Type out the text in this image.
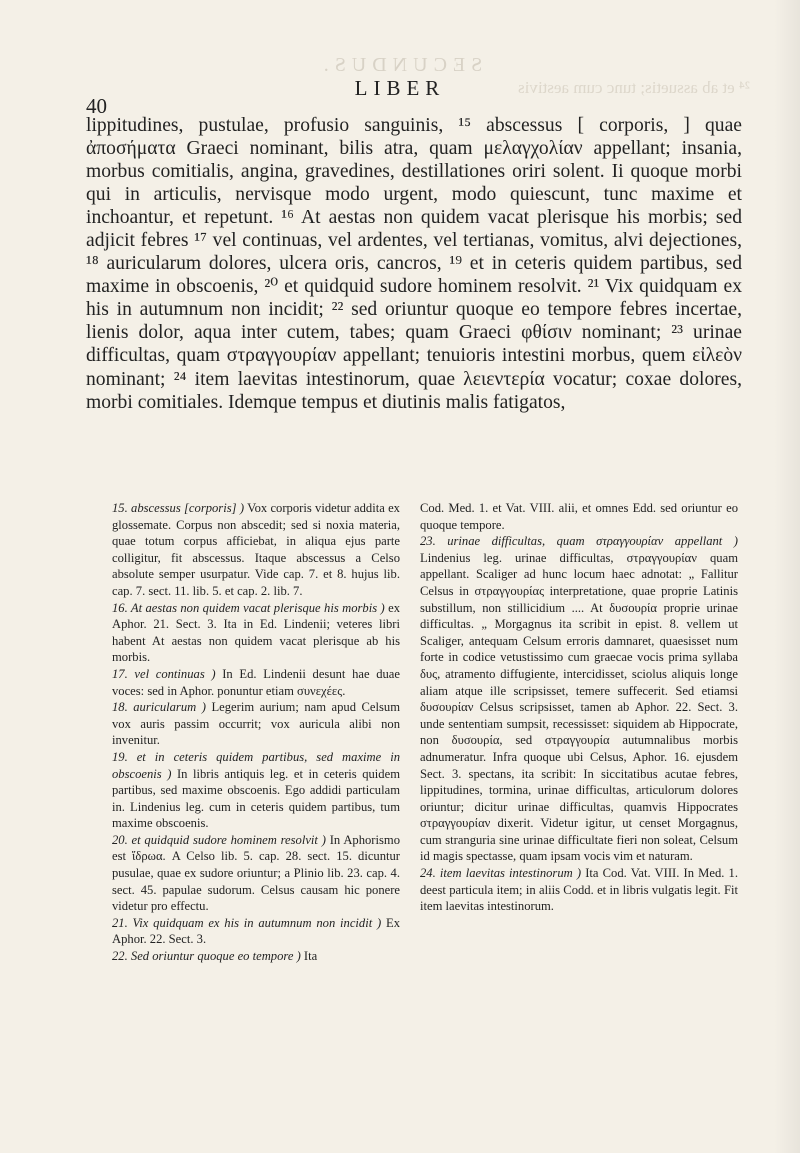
SECUNDUS.
²⁴ et ab assuetis; tunc cum aestivis
LIBER
40

lippitudines, pustulae, profusio sanguinis, ¹⁵ abscessus [ corporis, ] quae ἀποσήματα Graeci nominant, bilis atra, quam μελαγχολίαν appellant; insania, morbus comitialis, angina, gravedines, destillationes oriri solent. Ii quoque morbi qui in articulis, nervisque modo urgent, modo quiescunt, tunc maxime et inchoantur, et repetunt. ¹⁶ At aestas non quidem vacat plerisque his morbis; sed adjicit febres ¹⁷ vel continuas, vel ardentes, vel tertianas, vomitus, alvi dejectiones, ¹⁸ auricularum dolores, ulcera oris, cancros, ¹⁹ et in ceteris quidem partibus, sed maxime in obscoenis, ²⁰ et quidquid sudore hominem resolvit. ²¹ Vix quidquam ex his in autumnum non incidit; ²² sed oriuntur quoque eo tempore febres incertae, lienis dolor, aqua inter cutem, tabes; quam Graeci φθίσιν nominant; ²³ urinae difficultas, quam στραγγουρίαν appellant; tenuioris intestini morbus, quem εἰλεὸν nominant; ²⁴ item laevitas intestinorum, quae λειεντερία vocatur; coxae dolores, morbi comitiales. Idemque tempus et diutinis malis fatigatos,

15. abscessus [corporis] ) Vox corporis videtur addita ex glossemate. Corpus non abscedit; sed si noxia materia, quae totum corpus afficiebat, in aliqua ejus parte colligitur, fit abscessus. Itaque abscessus a Celso absolute semper usurpatur. Vide cap. 7. et 8. hujus lib. cap. 7. sect. 11. lib. 5. et cap. 2. lib. 7.

16. At aestas non quidem vacat plerisque his morbis ) ex Aphor. 21. Sect. 3. Ita in Ed. Lindenii; veteres libri habent At aestas non quidem vacat plerisque ab his morbis.

17. vel continuas ) In Ed. Lindenii desunt hae duae voces: sed in Aphor. ponuntur etiam συνεχέες.

18. auricularum ) Legerim aurium; nam apud Celsum vox auris passim occurrit; vox auricula alibi non invenitur.

19. et in ceteris quidem partibus, sed maxime in obscoenis ) In libris antiquis leg. et in ceteris quidem partibus, sed maxime obscoenis. Ego addidi particulam in. Lindenius leg. cum in ceteris quidem partibus, tum maxime obscoenis.

20. et quidquid sudore hominem resolvit ) In Aphorismo est ἵδρωα. A Celso lib. 5. cap. 28. sect. 15. dicuntur pusulae, quae ex sudore oriuntur; a Plinio lib. 23. cap. 4. sect. 45. papulae sudorum. Celsus causam hic ponere videtur pro effectu.

21. Vix quidquam ex his in autumnum non incidit ) Ex Aphor. 22. Sect. 3.

22. Sed oriuntur quoque eo tempore ) Ita

Cod. Med. 1. et Vat. VIII. alii, et omnes Edd. sed oriuntur eo quoque tempore.

23. urinae difficultas, quam στραγγουρίαν appellant ) Lindenius leg. urinae difficultas, στραγγουρίαν quam appellant. Scaliger ad hunc locum haec adnotat: „ Fallitur Celsus in στραγγουρίας interpretatione, quae proprie Latinis substillum, non stillicidium .... At δυσουρία proprie urinae difficultas. „ Morgagnus ita scribit in epist. 8. vellem ut Scaliger, antequam Celsum erroris damnaret, quaesisset num forte in codice vetustissimo cum graecae vocis prima syllaba δυς, atramento diffugiente, intercidisset, sciolus aliquis longe aliam atque ille scripsisset, temere suffecerit. Sed etiamsi δυσουρίαν Celsus scripsisset, tamen ab Aphor. 22. Sect. 3. unde sententiam sumpsit, recessisset: siquidem ab Hippocrate, non δυσουρία, sed στραγγουρία autumnalibus morbis adnumeratur. Infra quoque ubi Celsus, Aphor. 16. ejusdem Sect. 3. spectans, ita scribit: In siccitatibus acutae febres, lippitudines, tormina, urinae difficultas, articulorum dolores oriuntur; dicitur urinae difficultas, quamvis Hippocrates στραγγουρίαν dixerit. Videtur igitur, ut censet Morgagnus, cum stranguria sine urinae difficultate fieri non soleat, Celsum id magis spectasse, quam ipsam vocis vim et naturam.

24. item laevitas intestinorum ) Ita Cod. Vat. VIII. In Med. 1. deest particula item; in aliis Codd. et in libris vulgatis legit. Fit item laevitas intestinorum.
